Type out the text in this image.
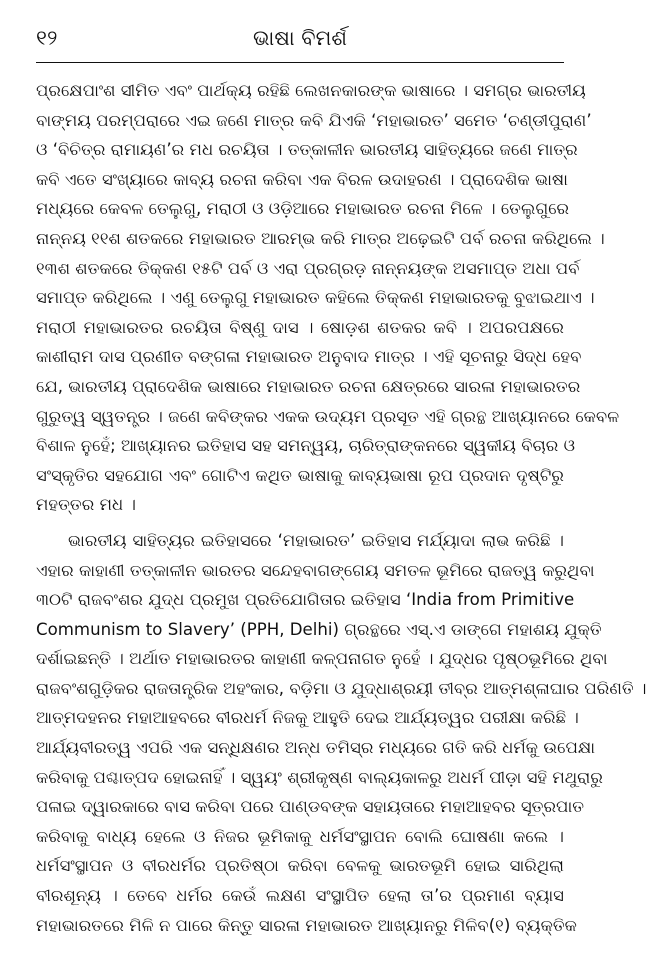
୧୨	ଭାଷା ବିମର୍ଶ
ପ୍ରକ୍ଷେପାଂଶ ସୀମିତ ଏବଂ ପାର୍ଥକ୍ୟ ରହିଛି ଲେଖନକାରଙ୍କ ଭାଷାରେ । ସମଗ୍ର ଭାରତୀୟ
ବାଙ୍ମୟ ପରମ୍ପରାରେ ଏଇ ଜଣେ ମାତ୍ର କବି ଯିଏକି ‘ମହାଭାରତ’ ସମେତ ‘ଚଣ୍ଡୀପୁରାଣ’
ଓ ‘ବିଚିତ୍ର ରାମାୟଣ’ର ମଧ ରଚୟିତା । ତତ୍‌କାଳୀନ ଭାରତୀୟ ସାହିତ୍ୟରେ ଜଣେ ମାତ୍ର
କବି ଏତେ ସଂଖ୍ୟାରେ କାବ୍ୟ ରଚନା କରିବା ଏକ ବିରଳ ଉଦାହରଣ । ପ୍ରାଦେଶିକ ଭାଷା
ମଧ୍ୟରେ କେବଳ ତେଲୁଗୁ, ମରାଠୀ ଓ ଓଡ଼ିଆରେ ମହାଭାରତ ରଚନା ମିଳେ । ତେଲୁଗୁରେ
ନାନ୍ନୟ ୧୧ଶ ଶତକରେ ମହାଭାରତ ଆରମ୍ଭ କରି ମାତ୍ର ଅଢ଼େଇଟି ପର୍ବ ରଚନା କରିଥିଲେ ।
୧୩ଶ ଶତକରେ ତିକ୍‌କଣ ୧୫ଟି ପର୍ବ ଓ ଏରା ପ୍ରଗ୍ରଡ଼ ନାନ୍ନୟଙ୍କ ଅସମାପ୍ତ ଅଧା ପର୍ବ
ସମାପ୍ତ କରିଥିଲେ । ଏଣୁ ତେଲୁଗୁ ମହାଭାରତ କହିଲେ ତିକ୍‌କଣ ମହାଭାରତକୁ ବୁଝାଇଥାଏ ।
ମରାଠୀ ମହାଭାରତର ରଚୟିତା ବିଷ୍ଣୁ ଦାସ । ଷୋଡ଼ଶ ଶତକର କବି । ଅପରପକ୍ଷରେ
କାଶୀରାମ ଦାସ ପ୍ରଣୀତ ବଙ୍ଗଳା ମହାଭାରତ ଅନୁବାଦ ମାତ୍ର । ଏହି ସୂଚନାରୁ ସିଦ୍ଧ ହେବ
ଯେ, ଭାରତୀୟ ପ୍ରାଦେଶିକ ଭାଷାରେ ମହାଭାରତ ରଚନା କ୍ଷେତ୍ରରେ ସାରଳା ମହାଭାରତର
ଗୁରୁତ୍ୱ ସ୍ୱତନ୍ତ୍ର । ଜଣେ କବିଙ୍କର ଏକକ ଉଦ୍ୟମ ପ୍ରସୂତ ଏହି ଗ୍ରନ୍ଥ ଆଖ୍ୟାନରେ କେବଳ
ବିଶାଳ ନୁହେଁ; ଆଖ୍ୟାନର ଇତିହାସ ସହ ସମନ୍ୱୟ, ଚାରିତ୍ରାଙ୍କନରେ ସ୍ୱକୀୟ ବିଚାର ଓ
ସଂସ୍କୃତିର ସହଯୋଗ ଏବଂ ଗୋଟିଏ କଥିତ ଭାଷାକୁ କାବ୍ୟଭାଷା ରୂପ ପ୍ରଦାନ ଦୃଷ୍ଟିରୁ
ମହତ୍ତର ମଧ ।
ଭାରତୀୟ ସାହିତ୍ୟର ଇତିହାସରେ ‘ମହାଭାରତ’ ଇତିହାସ ମର୍ଯ୍ୟାଦା ଲାଭ କରିଛି ।
ଏହାର କାହାଣୀ ତତ୍‌କାଳୀନ ଭାରତର ସନ୍ଦେହବାଗଙ୍ଗେୟ ସମତଳ ଭୂମିରେ ରାଜତ୍ୱ କରୁଥିବା
୩୦ଟି ରାଜବଂଶର ଯୁଦ୍ଧ ପ୍ରମୁଖ ପ୍ରତିଯୋଗିତାର ଇତିହାସ ‘India from Primitive
Communism to Slavery’ (PPH, Delhi) ଗ୍ରନ୍ଥରେ ଏସ୍.ଏ ଡାଙ୍ଗେ ମହାଶୟ ଯୁକ୍ତି
ଦର୍ଶାଇଛନ୍ତି । ଅର୍ଥାତ ମହାଭାରତର କାହାଣୀ କଳ୍ପନାଗତ ନୁହେଁ । ଯୁଦ୍ଧର ପୃଷ୍ଠଭୂମିରେ ଥିବା
ରାଜବଂଶଗୁଡ଼ିକର ରାଜତାନ୍ତ୍ରିକ ଅହଂକାର, ବଡ଼ିମା ଓ ଯୁଦ୍ଧାଶ୍ରୟୀ ତୀବ୍ର ଆତ୍ମଶ୍ଳାଘାର ପରିଣତି ।
ଆତ୍ମଦହନର ମହାଆହବରେ ବୀରଧର୍ମ ନିଜକୁ ଆହୁତି ଦେଇ ଆର୍ଯ୍ୟତ୍ୱର ପରୀକ୍ଷା କରିଛି ।
ଆର୍ଯ୍ୟବୀରତ୍ୱ ଏପରି ଏକ ସନ୍ଧିକ୍ଷଣର ଅନ୍ଧ ତମିସ୍ର ମଧ୍ୟରେ ଗତି କରି ଧର୍ମକୁ ଉପେକ୍ଷା
କରିବାକୁ ପଶ୍ଚାତ୍‌ପଦ ହୋଇନାହିଁ । ସ୍ୱୟଂ ଶ୍ରୀକୃଷ୍ଣ ବାଲ୍ୟକାଳରୁ ଅଧର୍ମ ପୀଡ଼ା ସହି ମଥୁରାରୁ
ପଳାଇ ଦ୍ୱାରକାରେ ବାସ କରିବା ପରେ ପାଣ୍ଡବଙ୍କ ସହାୟତାରେ ମହାଆହବର ସୂତ୍ରପାତ
କରିବାକୁ ବାଧ୍ୟ ହେଲେ ଓ ନିଜର ଭୂମିକାକୁ ଧର୍ମସଂସ୍ଥାପନ ବୋଲି ଘୋଷଣା କଲେ ।
ଧର୍ମସଂସ୍ଥାପନ ଓ ବୀରଧର୍ମର ପ୍ରତିଷ୍ଠା କରିବା ବେଳକୁ ଭାରତଭୂମି ହୋଇ ସାରିଥିଲା
ବୀରଶୂନ୍ୟ । ତେବେ ଧର୍ମର କେଉଁ ଲକ୍ଷଣ ସଂସ୍ଥାପିତ ହେଲା ତା’ର ପ୍ରମାଣ ବ୍ୟାସ
ମହାଭାରତରେ ମିଳି ନ ପାରେ କିନ୍ତୁ ସାରଳା ମହାଭାରତ ଆଖ୍ୟାନରୁ ମିଳିବ(୧) ବ୍ୟକ୍ତିକ
